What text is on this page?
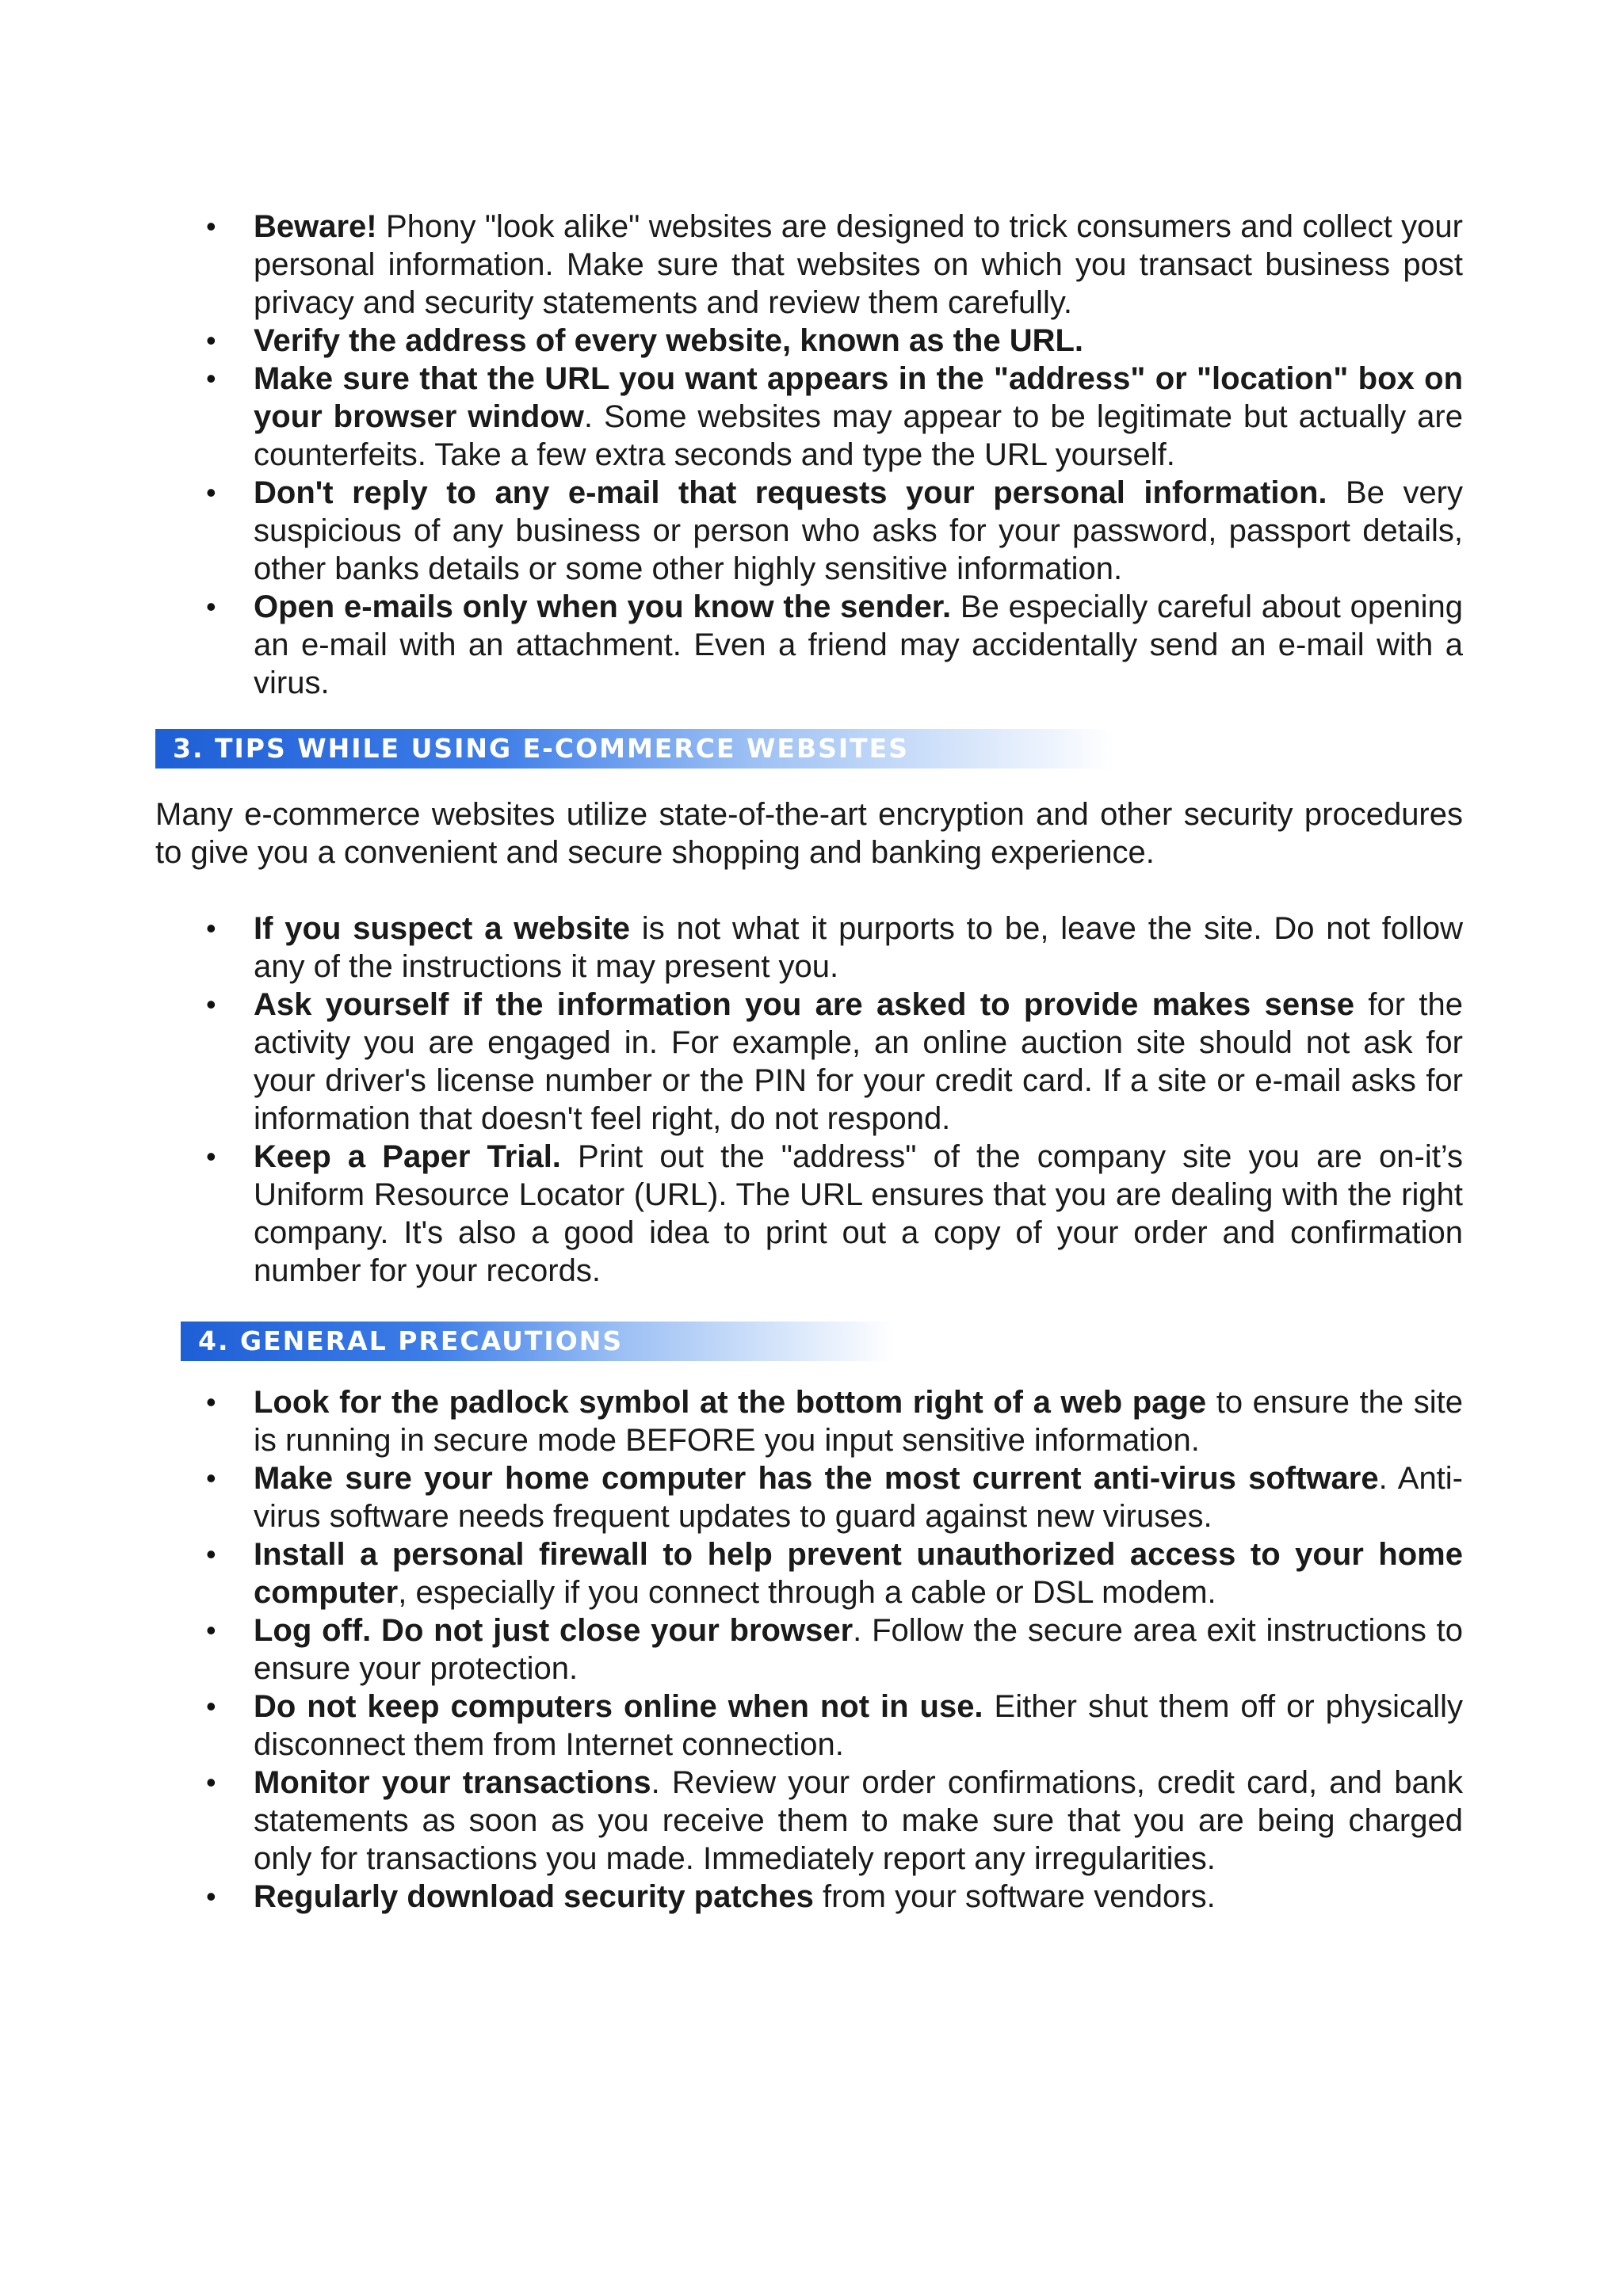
• Beware! Phony "look alike" websites are designed to trick consumers and collect your personal information. Make sure that websites on which you transact business post privacy and security statements and review them carefully.
• Verify the address of every website, known as the URL.
• Make sure that the URL you want appears in the "address" or "location" box on your browser window. Some websites may appear to be legitimate but actually are counterfeits. Take a few extra seconds and type the URL yourself.
• Don't reply to any e-mail that requests your personal information. Be very suspicious of any business or person who asks for your password, passport details, other banks details or some other highly sensitive information.
• Open e-mails only when you know the sender. Be especially careful about opening an e-mail with an attachment. Even a friend may accidentally send an e-mail with a virus.
3. TIPS WHILE USING E-COMMERCE WEBSITES

Many e-commerce websites utilize state-of-the-art encryption and other security procedures to give you a convenient and secure shopping and banking experience.

• If you suspect a website is not what it purports to be, leave the site. Do not follow any of the instructions it may present you.
• Ask yourself if the information you are asked to provide makes sense for the activity you are engaged in. For example, an online auction site should not ask for your driver's license number or the PIN for your credit card. If a site or e-mail asks for information that doesn't feel right, do not respond.
• Keep a Paper Trial. Print out the "address" of the company site you are on-it’s Uniform Resource Locator (URL). The URL ensures that you are dealing with the right company. It's also a good idea to print out a copy of your order and confirmation number for your records.
4. GENERAL PRECAUTIONS
• Look for the padlock symbol at the bottom right of a web page to ensure the site is running in secure mode BEFORE you input sensitive information.
• Make sure your home computer has the most current anti-virus software. Anti-virus software needs frequent updates to guard against new viruses.
• Install a personal firewall to help prevent unauthorized access to your home computer, especially if you connect through a cable or DSL modem.
• Log off. Do not just close your browser. Follow the secure area exit instructions to ensure your protection.
• Do not keep computers online when not in use. Either shut them off or physically disconnect them from Internet connection.
• Monitor your transactions. Review your order confirmations, credit card, and bank statements as soon as you receive them to make sure that you are being charged only for transactions you made. Immediately report any irregularities.
• Regularly download security patches from your software vendors.
